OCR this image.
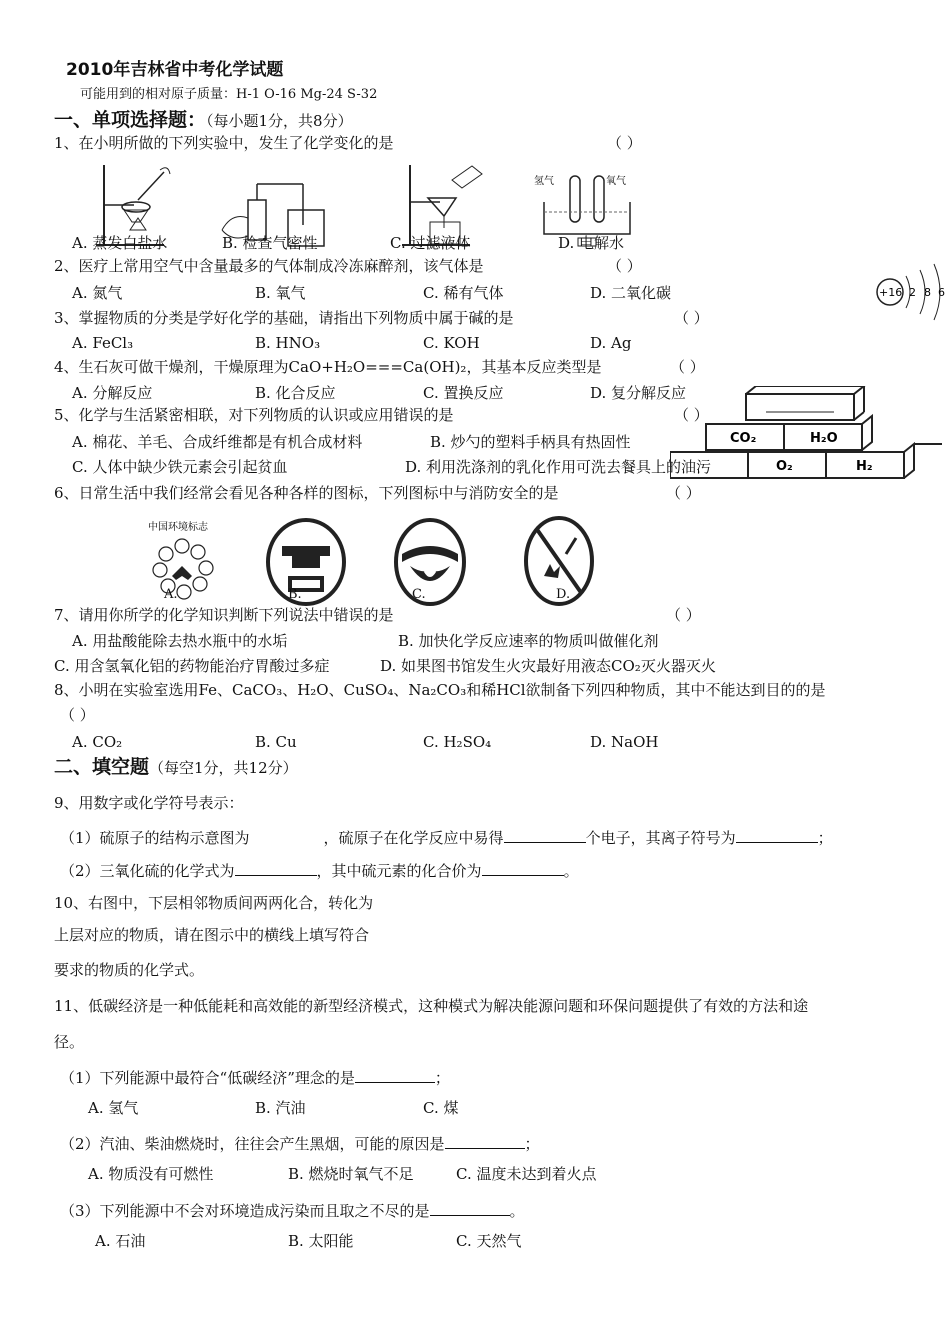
2010年吉林省中考化学试题
可能用到的相对原子质量：H-1 O-16 Mg-24 S-32
一、单项选择题：（每小题1分，共8分）
1、在小明所做的下列实验中，发生了化学变化的是	（ ）
氢气	氧气
A. 蒸发白盐水	B. 检查气密性	C. 过滤液体	D. 电解水
2、医疗上常用空气中含量最多的气体制成冷冻麻醉剂，该气体是	（ ）
A. 氮气	B. 氧气	C. 稀有气体	D. 二氧化碳	+16 2 8 6
3、掌握物质的分类是学好化学的基础，请指出下列物质中属于碱的是	（ ）
A. FeCl₃	B. HNO₃	C. KOH	D. Ag
4、生石灰可做干燥剂，干燥原理为CaO+H₂O===Ca(OH)₂，其基本反应类型是	（ ）
A. 分解反应	B. 化合反应	C. 置换反应	D. 复分解反应
5、化学与生活紧密相联，对下列物质的认识或应用错误的是	（ ）
A. 棉花、羊毛、合成纤维都是有机合成材料	B. 炒勺的塑料手柄具有热固性
C. 人体中缺少铁元素会引起贫血	D. 利用洗涤剂的乳化作用可洗去餐具上的油污
CO₂	H₂O
O₂	H₂
6、日常生活中我们经常会看见各种各样的图标，下列图标中与消防安全的是	（ ）
中国环境标志
A.	B.	C.	D.
7、请用你所学的化学知识判断下列说法中错误的是	（ ）
A. 用盐酸能除去热水瓶中的水垢	B. 加快化学反应速率的物质叫做催化剂
C. 用含氢氧化铝的药物能治疗胃酸过多症	D. 如果图书馆发生火灾最好用液态CO₂灭火器灭火
8、小明在实验室选用Fe、CaCO₃、H₂O、CuSO₄、Na₂CO₃和稀HCl欲制备下列四种物质，其中不能达到目的的是
（ ）
A. CO₂	B. Cu	C. H₂SO₄	D. NaOH
二、填空题（每空1分，共12分）
9、用数字或化学符号表示：
（1）硫原子的结构示意图为	，硫原子在化学反应中易得	个电子，其离子符号为	；
（2）三氧化硫的化学式为	，其中硫元素的化合价为	。
10、右图中，下层相邻物质间两两化合，转化为
上层对应的物质，请在图示中的横线上填写符合
要求的物质的化学式。
11、低碳经济是一种低能耗和高效能的新型经济模式，这种模式为解决能源问题和环保问题提供了有效的方法和途
径。
（1）下列能源中最符合“低碳经济”理念的是	；
A. 氢气	B. 汽油	C. 煤
（2）汽油、柴油燃烧时，往往会产生黑烟，可能的原因是	；
A. 物质没有可燃性	B. 燃烧时氧气不足	C. 温度未达到着火点
（3）下列能源中不会对环境造成污染而且取之不尽的是	。
A. 石油	B. 太阳能	C. 天然气
